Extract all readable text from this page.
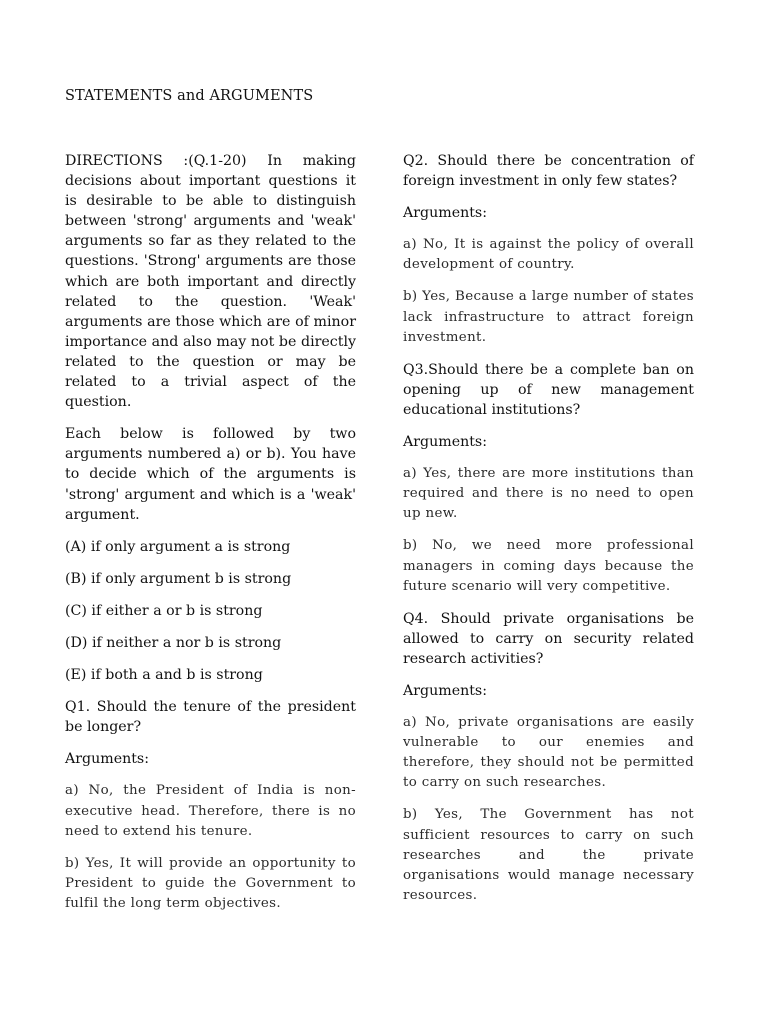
STATEMENTS and ARGUMENTS

DIRECTIONS :(Q.1-20) In making decisions about important questions it is desirable to be able to distinguish between 'strong' arguments and 'weak' arguments so far as they related to the questions. 'Strong' arguments are those which are both important and directly related to the question. 'Weak' arguments are those which are of minor importance and also may not be directly related to the question or may be related to a trivial aspect of the question.

Each below is followed by two arguments numbered a) or b). You have to decide which of the arguments is 'strong' argument and which is a 'weak' argument.

(A) if only argument a is strong

(B) if only argument b is strong

(C) if either a or b is strong

(D) if neither a nor b is strong

(E) if both a and b is strong

Q1. Should the tenure of the president be longer?

Arguments:

a) No, the President of India is non-executive head. Therefore, there is no need to extend his tenure.

b) Yes, It will provide an opportunity to President to guide the Government to fulfil the long term objectives.

Q2. Should there be concentration of foreign investment in only few states?

Arguments:

a) No, It is against the policy of overall development of country.

b) Yes, Because a large number of states lack infrastructure to attract foreign investment.

Q3.Should there be a complete ban on opening up of new management educational institutions?

Arguments:

a) Yes, there are more institutions than required and there is no need to open up new.

b) No, we need more professional managers in coming days because the future scenario will very competitive.

Q4. Should private organisations be allowed to carry on security related research activities?

Arguments:

a) No, private organisations are easily vulnerable to our enemies and therefore, they should not be permitted to carry on such researches.

b) Yes, The Government has not sufficient resources to carry on such researches and the private organisations would manage necessary resources.
